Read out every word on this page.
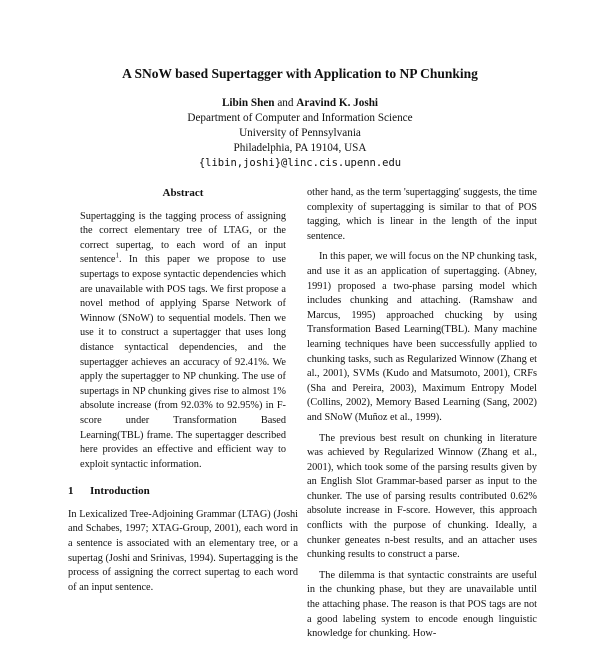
A SNoW based Supertagger with Application to NP Chunking
Libin Shen and Aravind K. Joshi
Department of Computer and Information Science
University of Pennsylvania
Philadelphia, PA 19104, USA
{libin,joshi}@linc.cis.upenn.edu
Abstract
Supertagging is the tagging process of assigning the correct elementary tree of LTAG, or the correct supertag, to each word of an input sentence$^1$. In this paper we propose to use supertags to expose syntactic dependencies which are unavailable with POS tags. We first propose a novel method of applying Sparse Network of Winnow (SNoW) to sequential models. Then we use it to construct a supertagger that uses long distance syntactical dependencies, and the supertagger achieves an accuracy of 92.41%. We apply the supertagger to NP chunking. The use of supertags in NP chunking gives rise to almost 1% absolute increase (from 92.03% to 92.95%) in F-score under Transformation Based Learning(TBL) frame. The supertagger described here provides an effective and efficient way to exploit syntactic information.
1 Introduction

In Lexicalized Tree-Adjoining Grammar (LTAG) (Joshi and Schabes, 1997; XTAG-Group, 2001), each word in a sentence is associated with an elementary tree, or a supertag (Joshi and Srinivas, 1994). Supertagging is the process of assigning the correct supertag to each word of an input sentence.

other hand, as the term 'supertagging' suggests, the time complexity of supertagging is similar to that of POS tagging, which is linear in the length of the input sentence.

In this paper, we will focus on the NP chunking task, and use it as an application of supertagging. (Abney, 1991) proposed a two-phase parsing model which includes chunking and attaching. (Ramshaw and Marcus, 1995) approached chucking by using Transformation Based Learning(TBL). Many machine learning techniques have been successfully applied to chunking tasks, such as Regularized Winnow (Zhang et al., 2001), SVMs (Kudo and Matsumoto, 2001), CRFs (Sha and Pereira, 2003), Maximum Entropy Model (Collins, 2002), Memory Based Learning (Sang, 2002) and SNoW (Muñoz et al., 1999).

The previous best result on chunking in literature was achieved by Regularized Winnow (Zhang et al., 2001), which took some of the parsing results given by an English Slot Grammar-based parser as input to the chunker. The use of parsing results contributed 0.62% absolute increase in F-score. However, this approach conflicts with the purpose of chunking. Ideally, a chunker geneates n-best results, and an attacher uses chunking results to construct a parse.

The dilemma is that syntactic constraints are useful in the chunking phase, but they are unavailable until the attaching phase. The reason is that POS tags are not a good labeling system to encode enough linguistic knowledge for chunking. How-
